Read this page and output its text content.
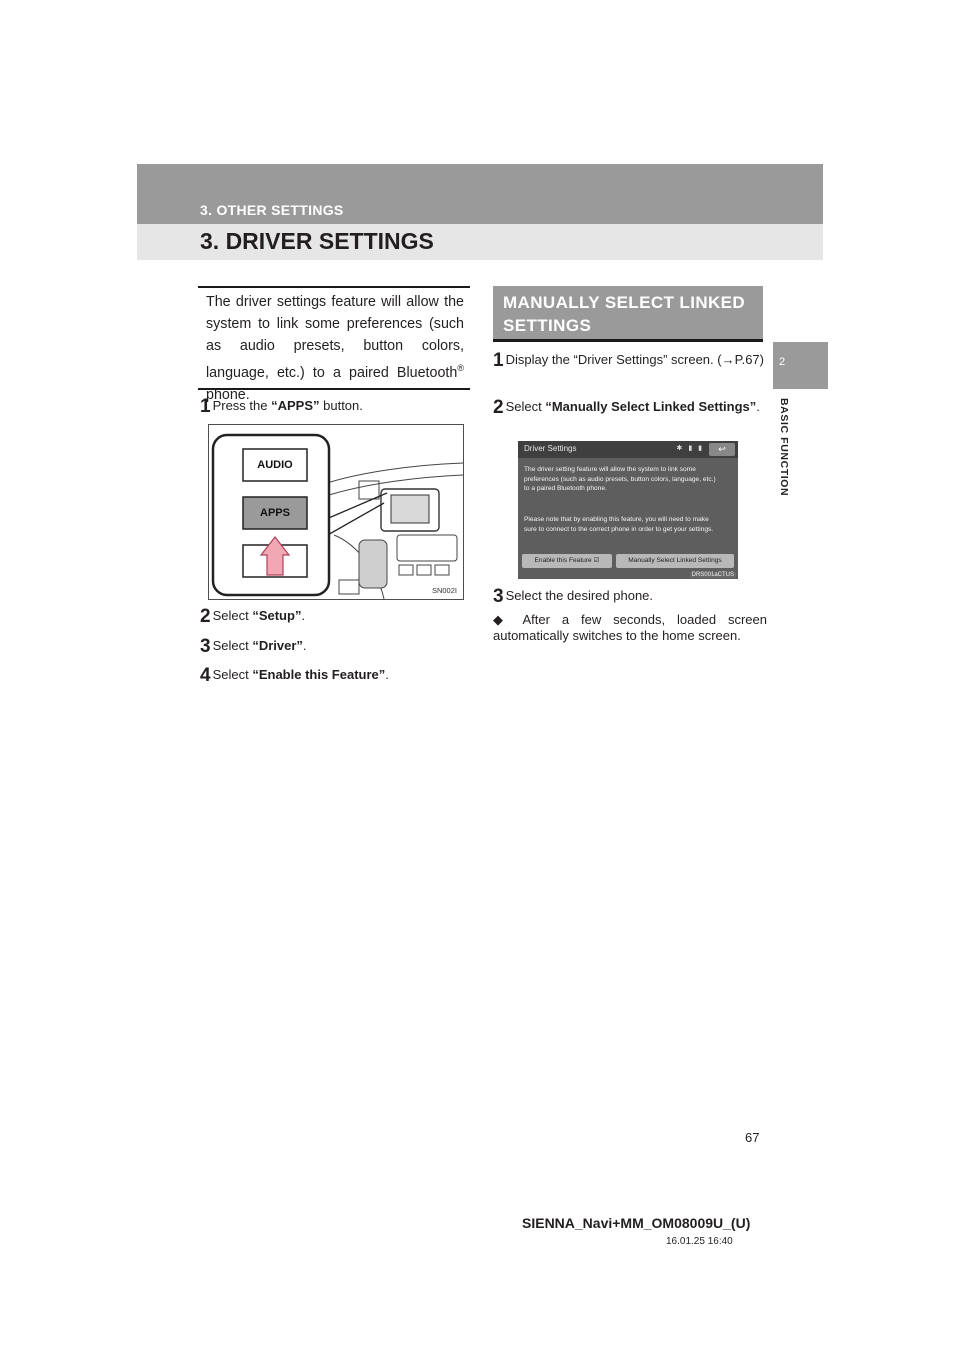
3. OTHER SETTINGS
3. DRIVER SETTINGS
2
BASIC FUNCTION
The driver settings feature will allow the system to link some preferences (such as audio presets, button colors, language, etc.) to a paired Bluetooth® phone.
1 Press the “APPS” button.
AUDIO
APPS
SN002I
2 Select “Setup”.
3 Select “Driver”.
4 Select “Enable this Feature”.
MANUALLY SELECT LINKED SETTINGS
1 Display the “Driver Settings” screen. (→P.67)
2 Select “Manually Select Linked Settings”.
Driver Settings	✱ ▮ ▮	↩
The driver setting feature will allow the system to link some
preferences (such as audio presets, button colors, language, etc.)
to a paired Bluetooth phone.
Please note that by enabling this feature, you will need to make
sure to connect to the correct phone in order to get your settings.
Enable this Feature ☑	Manually Select Linked Settings
DRS001aCTUS
3 Select the desired phone.
◆ After a few seconds, loaded screen automatically switches to the home screen.
67
SIENNA_Navi+MM_OM08009U_(U)
16.01.25 16:40
